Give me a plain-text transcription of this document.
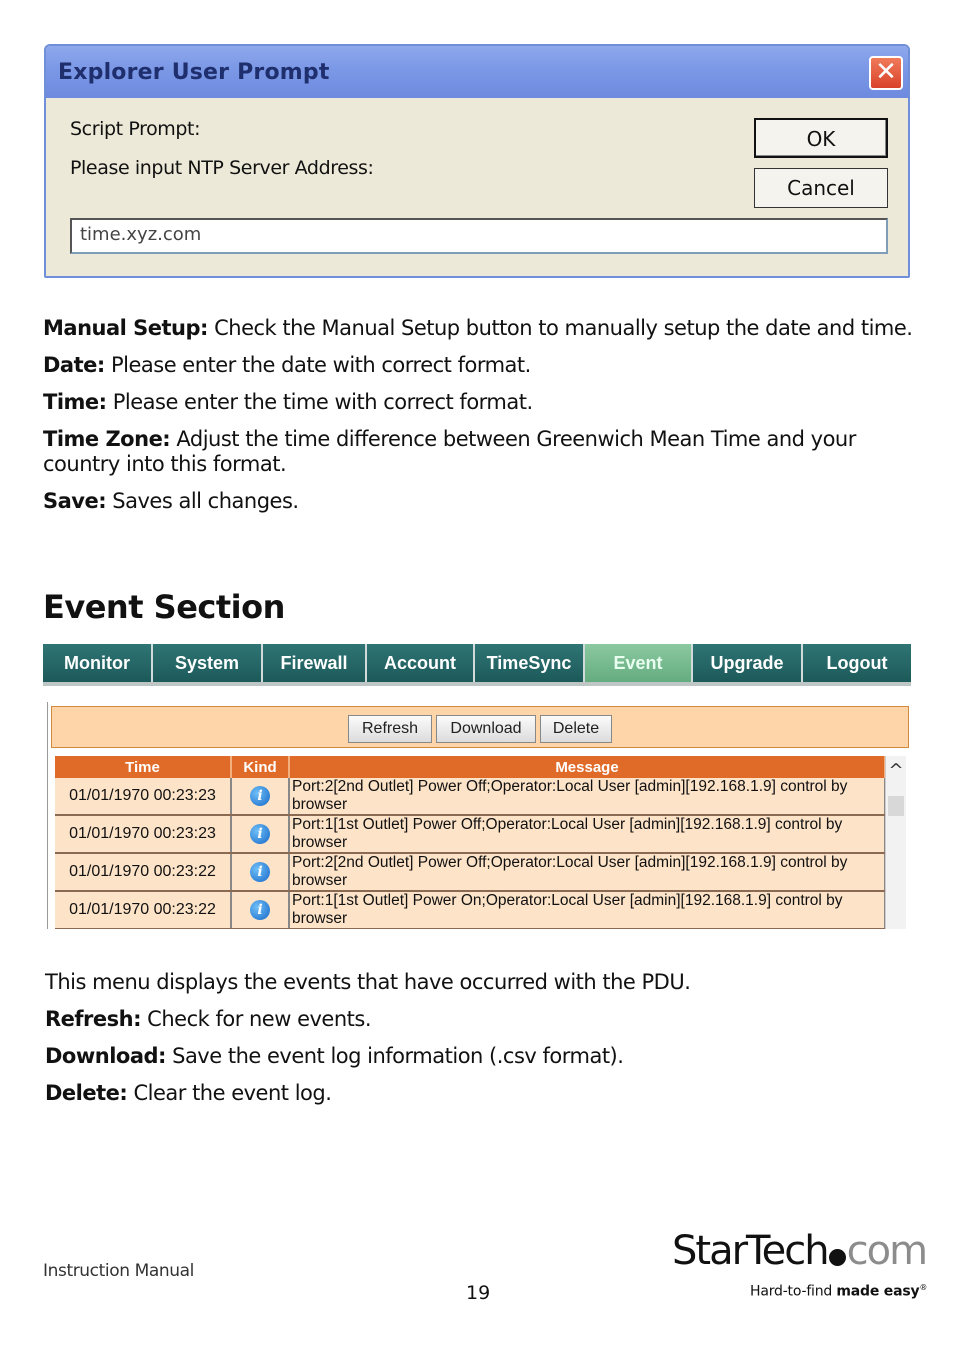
Explorer User Prompt	✕
Script Prompt:
Please input NTP Server Address:
OK
Cancel
time.xyz.com
Manual Setup: Check the Manual Setup button to manually setup the date and time.
Date: Please enter the date with correct format.
Time: Please enter the time with correct format.
Time Zone: Adjust the time difference between Greenwich Mean Time and your country into this format.
Save: Saves all changes.
Event Section
Monitor	System	Firewall	Account	TimeSync	Event	Upgrade	Logout
Refresh	Download	Delete
Time	Kind	Message
01/01/1970 00:23:23	i	Port:2[2nd Outlet] Power Off;Operator:Local User [admin][192.168.1.9] control by browser
01/01/1970 00:23:23	i	Port:1[1st Outlet] Power Off;Operator:Local User [admin][192.168.1.9] control by browser
01/01/1970 00:23:22	i	Port:2[2nd Outlet] Power Off;Operator:Local User [admin][192.168.1.9] control by browser
01/01/1970 00:23:22	i	Port:1[1st Outlet] Power On;Operator:Local User [admin][192.168.1.9] control by browser
^
This menu displays the events that have occurred with the PDU.
Refresh: Check for new events.
Download: Save the event log information (.csv format).
Delete: Clear the event log.
Instruction Manual
19
StarTech com
Hard-to-find made easy®
